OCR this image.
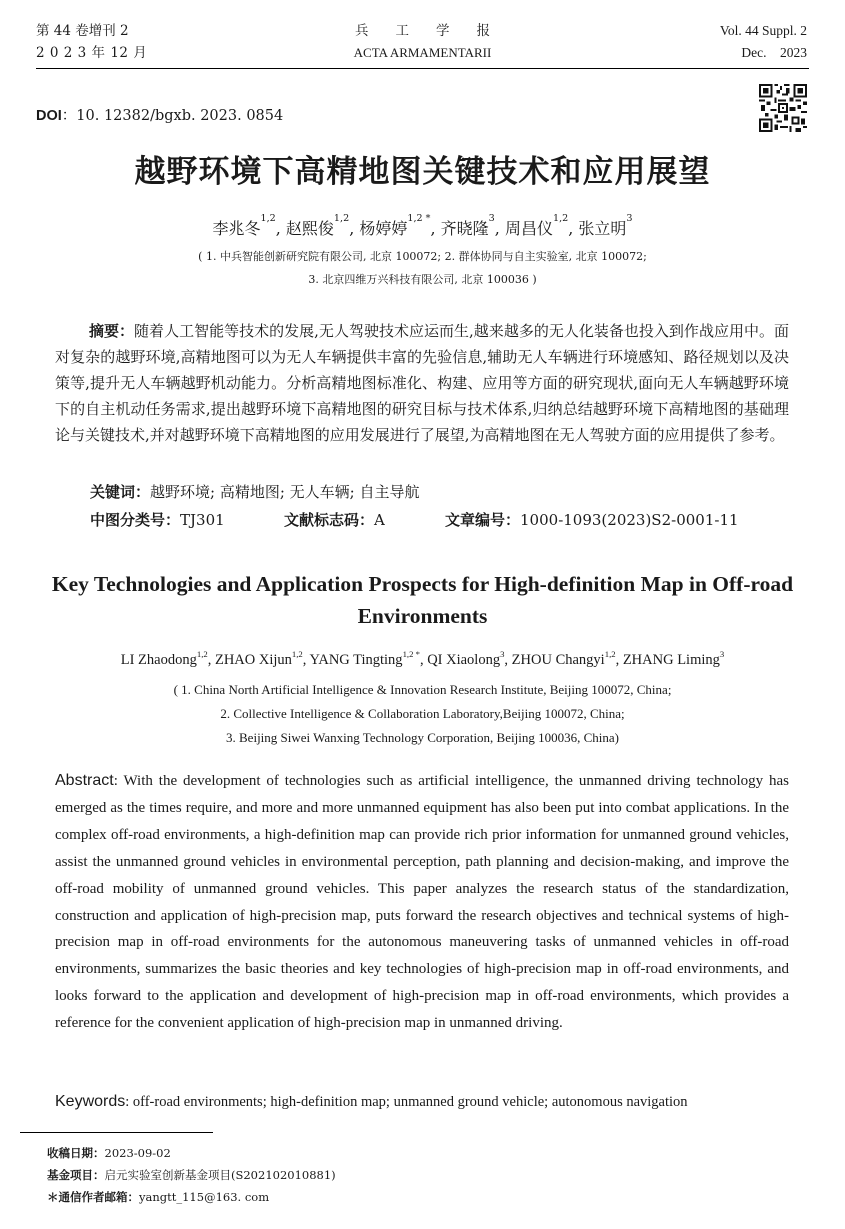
第 44 卷增刊 2
2 0 2 3 年 12 月
兵　　工　　学　　报
ACTA ARMAMENTARII
Vol. 44 Suppl. 2
Dec.    2023
DOI：10. 12382/bgxb. 2023. 0854
越野环境下高精地图关键技术和应用展望
李兆冬$^{1,2}$, 赵熙俊$^{1,2}$, 杨婷婷$^{1,2 *}$, 齐晓隆$^3$, 周昌仪$^{1,2}$, 张立明$^3$
( 1. 中兵智能创新研究院有限公司, 北京 100072; 2. 群体协同与自主实验室, 北京 100072;
3. 北京四维万兴科技有限公司, 北京 100036 )
摘要：随着人工智能等技术的发展,无人驾驶技术应运而生,越来越多的无人化装备也投入到作战应用中。面对复杂的越野环境,高精地图可以为无人车辆提供丰富的先验信息,辅助无人车辆进行环境感知、路径规划以及决策等,提升无人车辆越野机动能力。分析高精地图标准化、构建、应用等方面的研究现状,面向无人车辆越野环境下的自主机动任务需求,提出越野环境下高精地图的研究目标与技术体系,归纳总结越野环境下高精地图的基础理论与关键技术,并对越野环境下高精地图的应用发展进行了展望,为高精地图在无人驾驶方面的应用提供了参考。
关键词：越野环境; 高精地图; 无人车辆; 自主导航
中图分类号：TJ301	文献标志码：A	文章编号：1000-1093(2023)S2-0001-11
Key Technologies and Application Prospects for High-definition Map in Off-road Environments
LI Zhaodong$^{1,2}$, ZHAO Xijun$^{1,2}$, YANG Tingting$^{1,2 *}$, QI Xiaolong$^3$, ZHOU Changyi$^{1,2}$, ZHANG Liming$^3$
( 1. China North Artificial Intelligence & Innovation Research Institute, Beijing 100072, China;
2. Collective Intelligence & Collaboration Laboratory,Beijing 100072, China;
3. Beijing Siwei Wanxing Technology Corporation, Beijing 100036, China)
Abstract: With the development of technologies such as artificial intelligence, the unmanned driving technology has emerged as the times require, and more and more unmanned equipment has also been put into combat applications. In the complex off-road environments, a high-definition map can provide rich prior information for unmanned ground vehicles, assist the unmanned ground vehicles in environmental perception, path planning and decision-making, and improve the off-road mobility of unmanned ground vehicles. This paper analyzes the research status of the standardization, construction and application of high-precision map, puts forward the research objectives and technical systems of high-precision map in off-road environments for the autonomous maneuvering tasks of unmanned vehicles in off-road environments, summarizes the basic theories and key technologies of high-precision map in off-road environments, and looks forward to the application and development of high-precision map in off-road environments, which provides a reference for the convenient application of high-precision map in unmanned driving.
Keywords: off-road environments; high-definition map; unmanned ground vehicle; autonomous navigation
收稿日期：2023-09-02
基金项目：启元实验室创新基金项目(S202102010881)
＊通信作者邮箱：yangtt_115@163. com
